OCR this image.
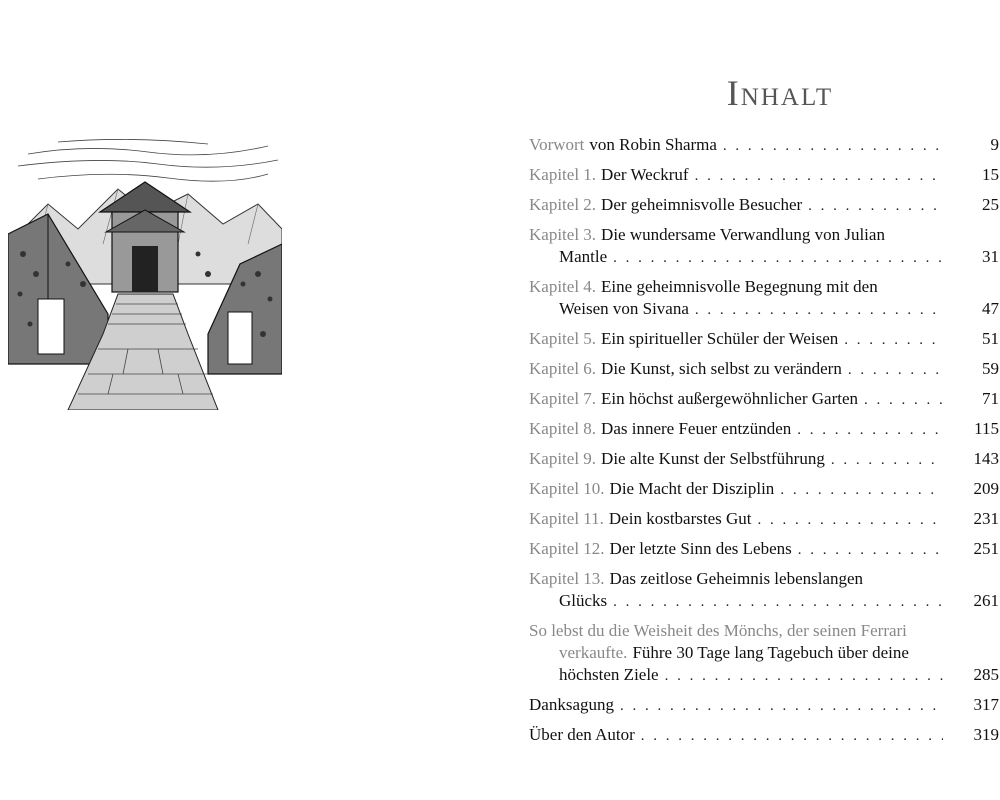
Inhalt
Vorwort von Robin Sharma . . .	9
Kapitel 1. Der Weckruf . . .	15
Kapitel 2. Der geheimnisvolle Besucher . . .	25
Kapitel 3. Die wundersame Verwandlung von Julian
Mantle . . .	31
Kapitel 4. Eine geheimnisvolle Begegnung mit den
Weisen von Sivana . . .	47
Kapitel 5. Ein spiritueller Schüler der Weisen . . .	51
Kapitel 6. Die Kunst, sich selbst zu verändern . . .	59
Kapitel 7. Ein höchst außergewöhnlicher Garten . . .	71
Kapitel 8. Das innere Feuer entzünden . . .	115
Kapitel 9. Die alte Kunst der Selbstführung . . .	143
Kapitel 10. Die Macht der Disziplin . . .	209
Kapitel 11. Dein kostbarstes Gut . . .	231
Kapitel 12. Der letzte Sinn des Lebens . . .	251
Kapitel 13. Das zeitlose Geheimnis lebenslangen
Glücks . . .	261
So lebst du die Weisheit des Mönchs, der seinen Ferrari
verkaufte. Führe 30 Tage lang Tagebuch über deine
höchsten Ziele . . .	285
Danksagung . . .	317
Über den Autor . . .	319
